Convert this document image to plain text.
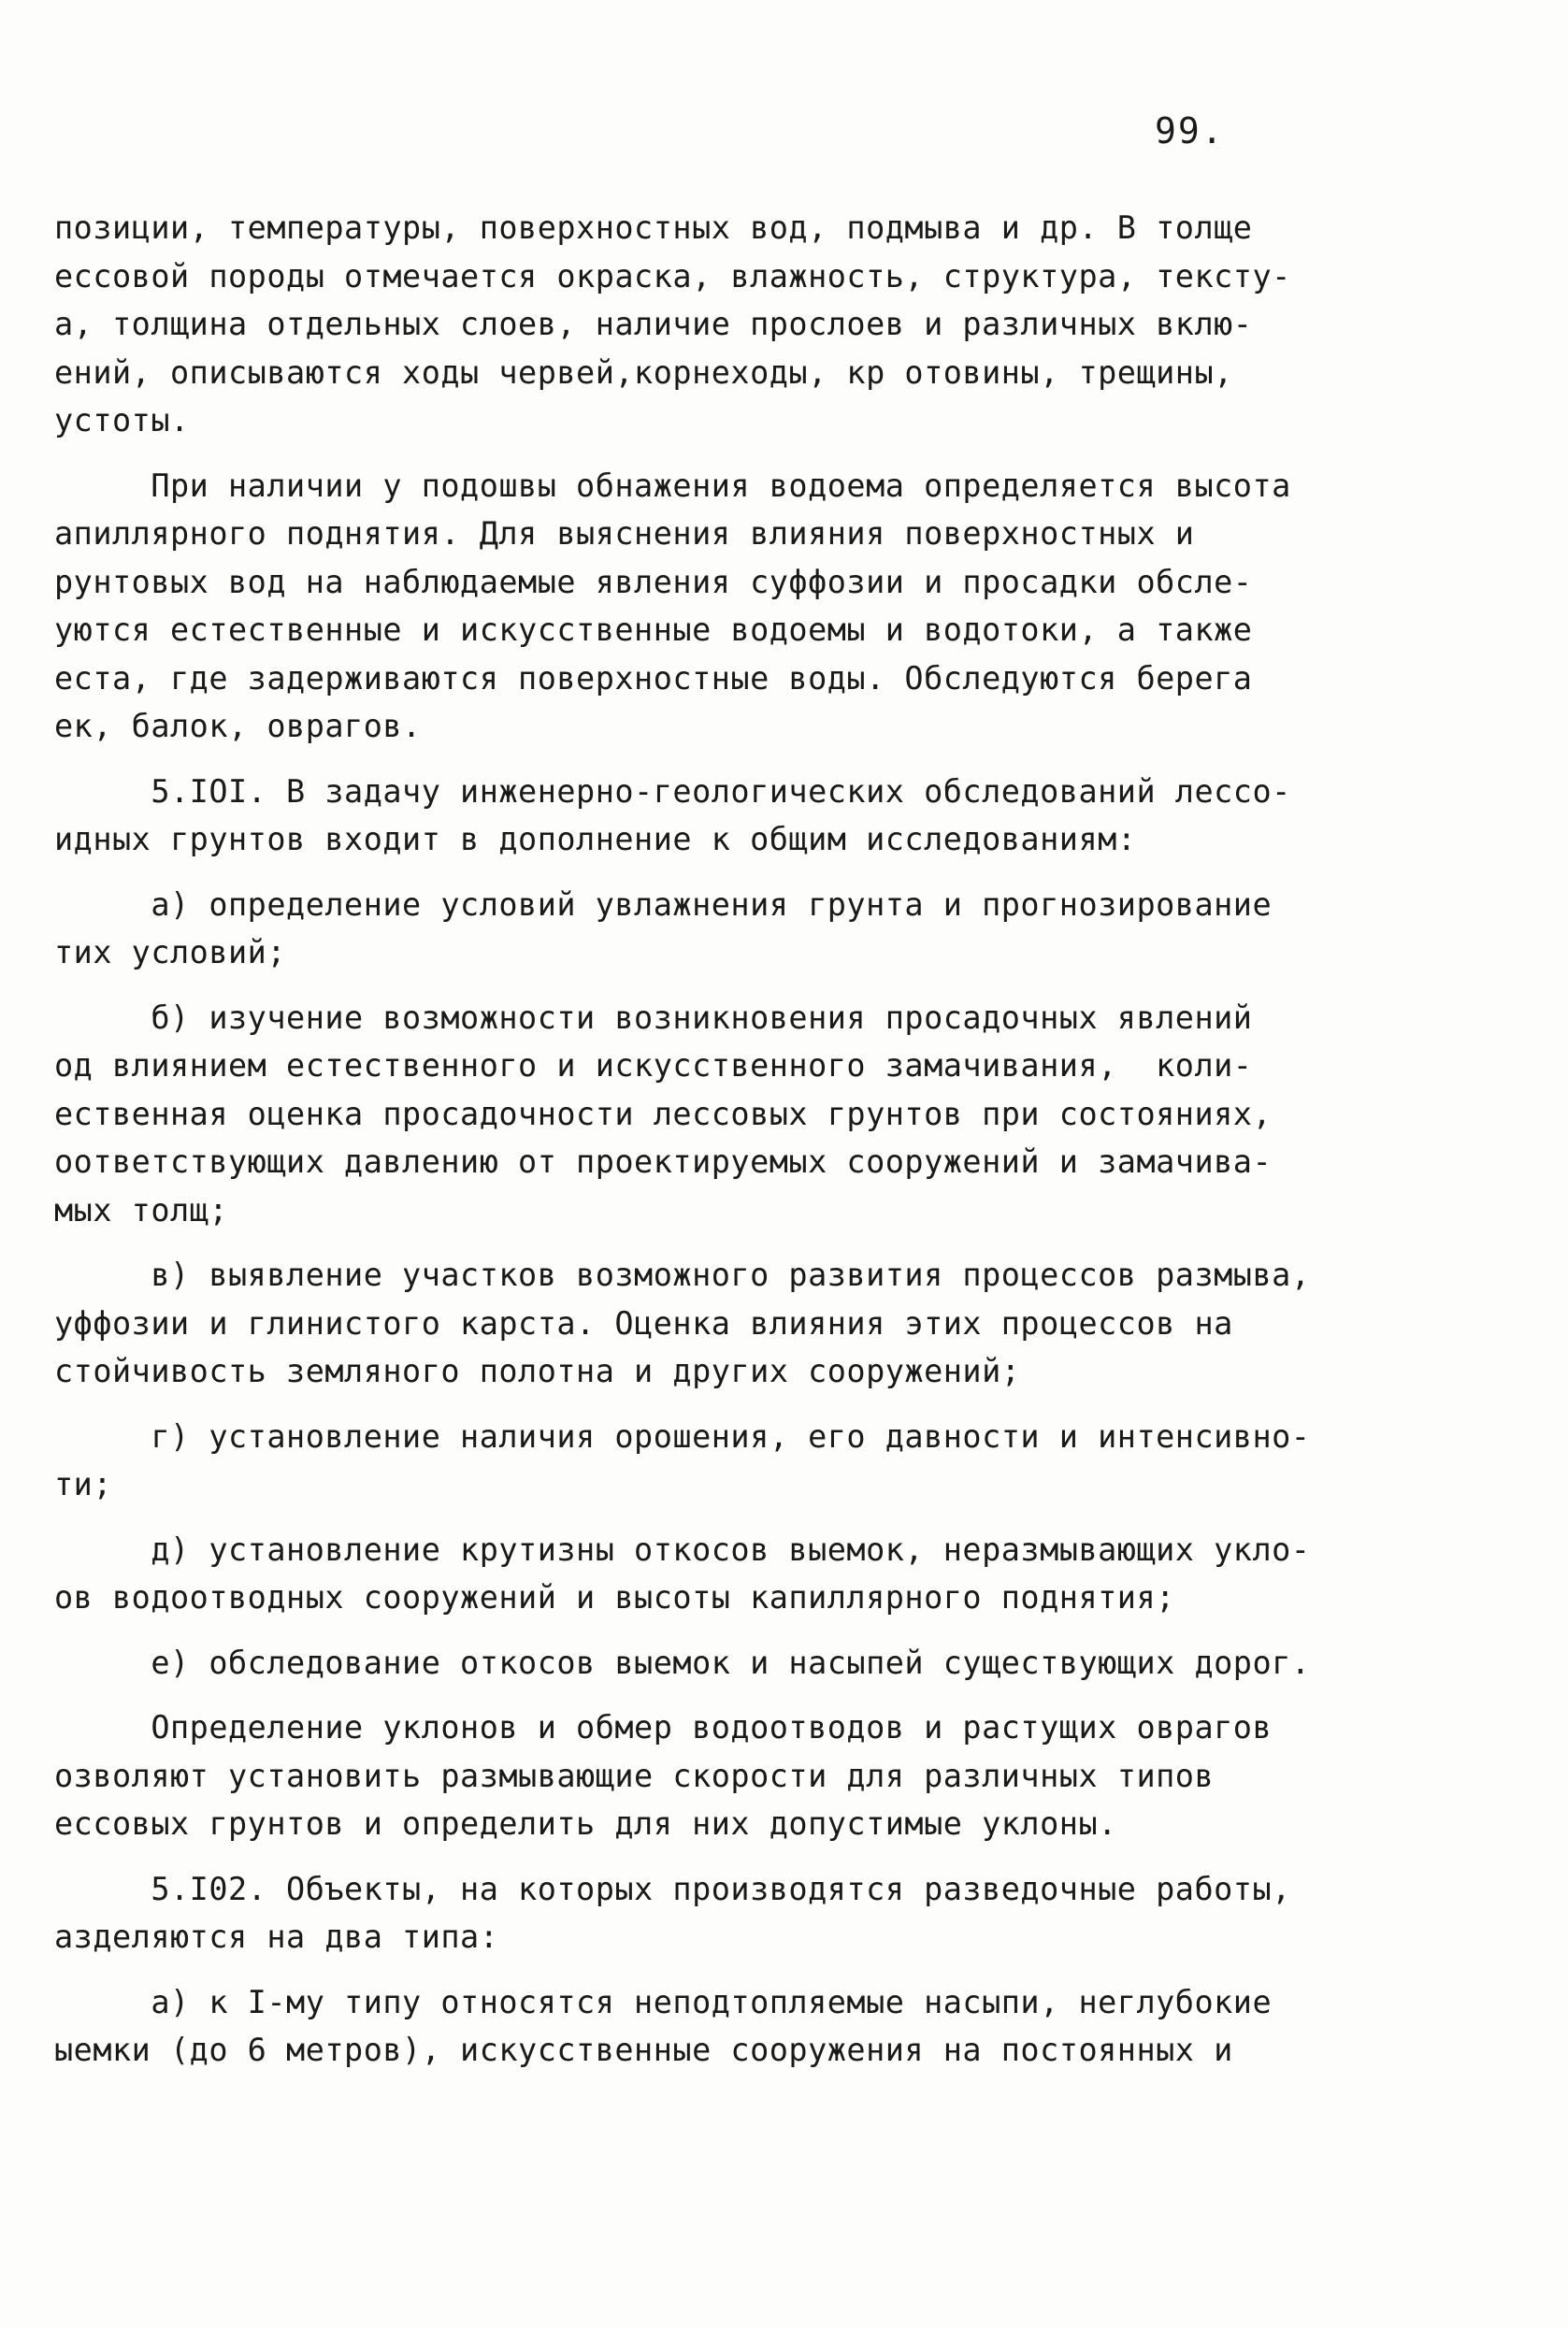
99.
позиции, температуры, поверхностных вод, подмыва и др. В толще
ессовой породы отмечается окраска, влажность, структура, тексту-
а, толщина отдельных слоев, наличие прослоев и различных вклю-
ений, описываются ходы червей,корнеходы, кр отовины, трещины,
устоты.
При наличии у подошвы обнажения водоема определяется высота
апиллярного поднятия. Для выяснения влияния поверхностных и
рунтовых вод на наблюдаемые явления суффозии и просадки обсле-
уются естественные и искусственные водоемы и водотоки, а также
еста, где задерживаются поверхностные воды. Обследуются берега
ек, балок, оврагов.
5.IOI. В задачу инженерно-геологических обследований лессо-
идных грунтов входит в дополнение к общим исследованиям:
а) определение условий увлажнения грунта и прогнозирование
тих условий;
б) изучение возможности возникновения просадочных явлений
од влиянием естественного и искусственного замачивания,  коли-
ественная оценка просадочности лессовых грунтов при состояниях,
оответствующих давлению от проектируемых сооружений и замачива-
мых толщ;
в) выявление участков возможного развития процессов размыва,
уффозии и глинистого карста. Оценка влияния этих процессов на
стойчивость земляного полотна и других сооружений;
г) установление наличия орошения, его давности и интенсивно-
ти;
д) установление крутизны откосов выемок, неразмывающих укло-
ов водоотводных сооружений и высоты капиллярного поднятия;
е) обследование откосов выемок и насыпей существующих дорог.
Определение уклонов и обмер водоотводов и растущих оврагов
озволяют установить размывающие скорости для различных типов
ессовых грунтов и определить для них допустимые уклоны.
5.I02. Объекты, на которых производятся разведочные работы,
азделяются на два типа:
а) к I-му типу относятся неподтопляемые насыпи, неглубокие
ыемки (до 6 метров), искусственные сооружения на постоянных и
